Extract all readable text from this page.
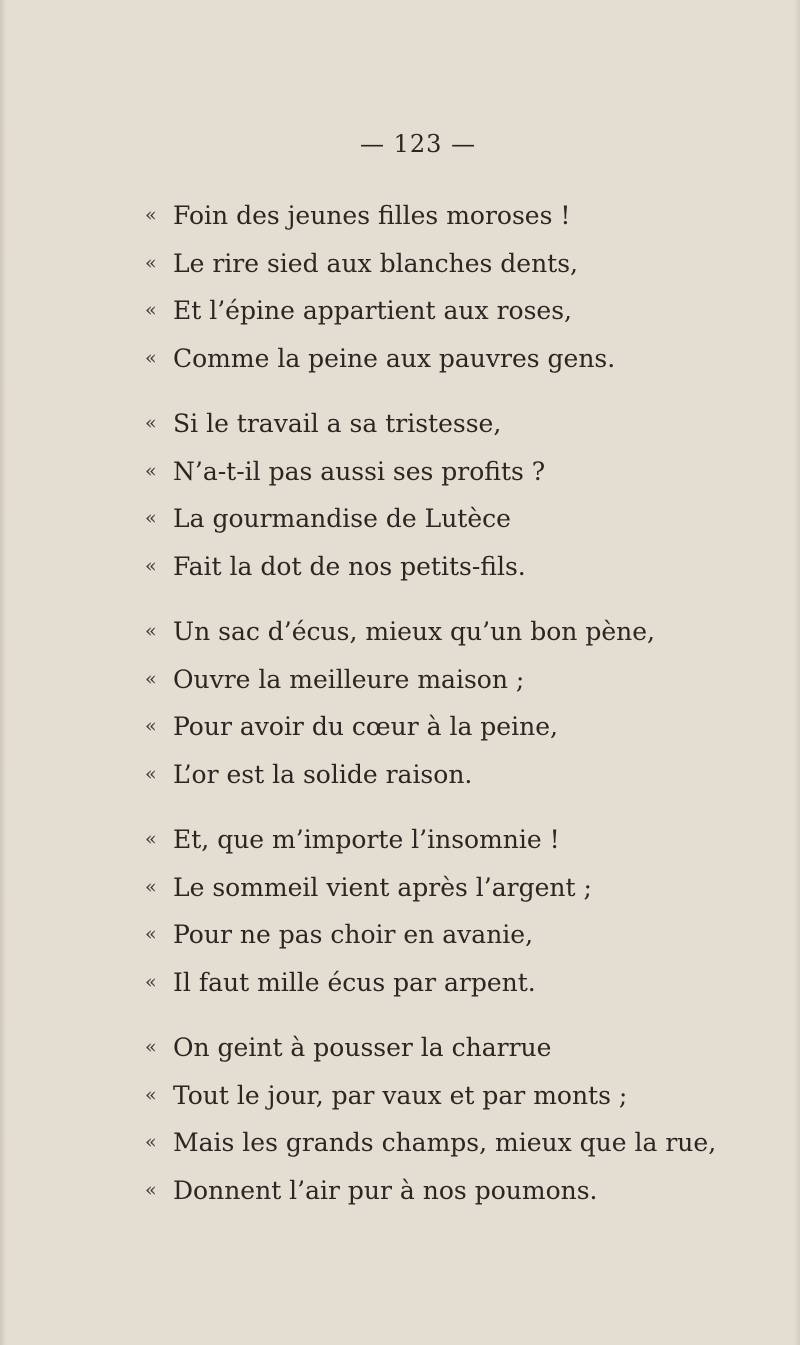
— 123 —
« Foin des jeunes filles moroses !
« Le rire sied aux blanches dents,
« Et l’épine appartient aux roses,
« Comme la peine aux pauvres gens.
« Si le travail a sa tristesse,
« N’a-t-il pas aussi ses profits ?
« La gourmandise de Lutèce
« Fait la dot de nos petits-fils.
« Un sac d’écus, mieux qu’un bon pène,
« Ouvre la meilleure maison ;
« Pour avoir du cœur à la peine,
« L’or est la solide raison.
« Et, que m’importe l’insomnie !
« Le sommeil vient après l’argent ;
« Pour ne pas choir en avanie,
« Il faut mille écus par arpent.
« On geint à pousser la charrue
« Tout le jour, par vaux et par monts ;
« Mais les grands champs, mieux que la rue,
« Donnent l’air pur à nos poumons.
